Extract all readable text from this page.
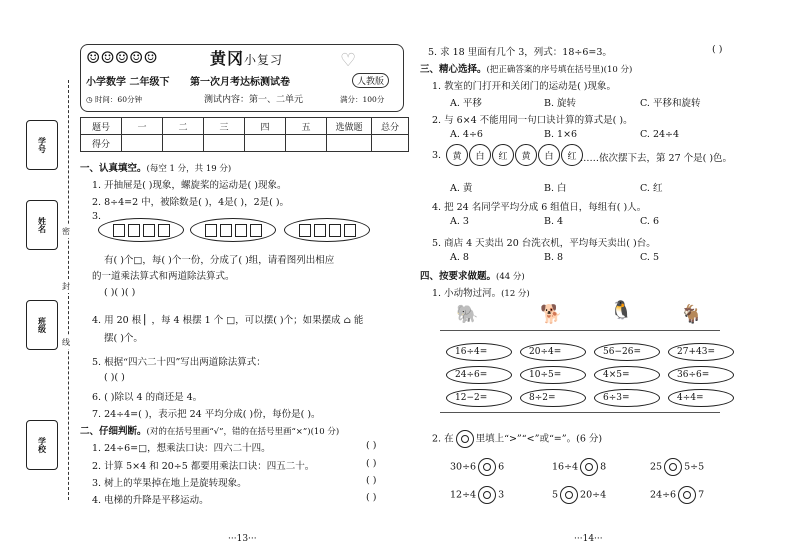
学号
姓名
班级
学校
密
封
线
☺☺☺☺☺	黄冈小复习	♡
小学数学 二年级下 第一次月考达标测试卷	人教版
◷ 时间：60分钟	测试内容：第一、二单元	满分：100分
题号	一	二	三	四	五	选做题	总分
得分							
一、认真填空。(每空 1 分，共 19 分)
1. 开抽屉是( )现象，螺旋桨的运动是( )现象。
2. 8÷4=2 中，被除数是( )，4是( )，2是( )。
3.
有( )个□，每( )个一份，分成了( )组，请看图列出相应
的一道乘法算式和两道除法算式。
( )( )( )
4. 用 20 根 ▏，每 4 根摆 1 个 □，可以摆( )个；如果摆成 ⌂ 能
摆( )个。
5. 根据“四六二十四”写出两道除法算式：
( )( )
6. ( )除以 4 的商还是 4。
7. 24÷4=( )，表示把 24 平均分成( )份，每份是( )。
二、仔细判断。(对的在括号里画“√”，错的在括号里画“×”)(10 分)
1. 24÷6=□，想乘法口诀：四六二十四。	( )
2. 计算 5×4 和 20÷5 都要用乘法口诀：四五二十。	( )
3. 树上的苹果掉在地上是旋转现象。	( )
4. 电梯的升降是平移运动。	( )
···13···
5. 求 18 里面有几个 3，列式：18÷6=3。	( )
三、精心选择。(把正确答案的序号填在括号里)(10 分)
1. 教室的门打开和关闭门的运动是( )现象。
A. 平移	B. 旋转	C. 平移和旋转
2. 与 6×4 不能用同一句口诀计算的算式是( )。
A. 4÷6	B. 1×6	C. 24÷4
3.	黄 白 红 黄 白 红 ……依次摆下去，第 27 个是( )色。
A. 黄	B. 白	C. 红
4. 把 24 名同学平均分成 6 组值日，每组有( )人。
A. 3	B. 4	C. 6
5. 商店 4 天卖出 20 台洗衣机，平均每天卖出( )台。
A. 8	B. 8	C. 5
四、按要求做题。(44 分)
1. 小动物过河。(12 分)
🐘	🐕	🐧	🐐
16÷4=	20÷4=	56−26=	27+43=
24÷6=	10÷5=	4×5=	36÷6=
12−2=	8÷2=	6÷3=	4÷4=
2. 在 里填上“>”“<”或“=”。(6 分)
30÷6 6	16÷4 8	25 5÷5
12÷4 3	5 20÷4	24÷6 7
···14···
